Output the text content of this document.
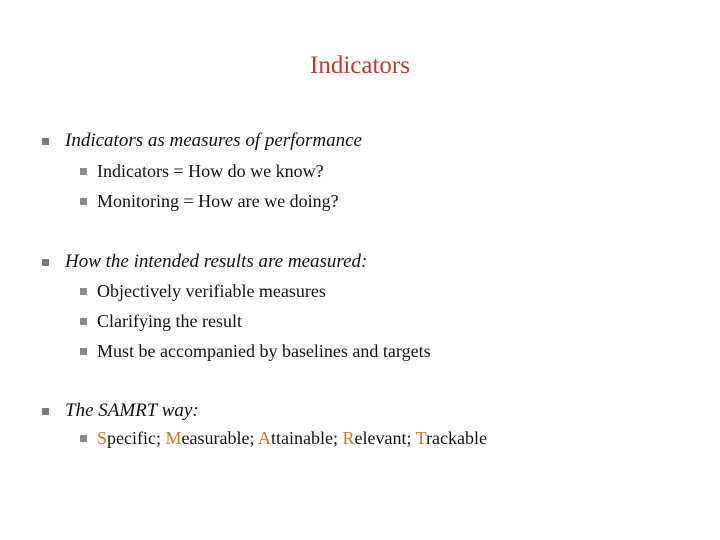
Indicators
Indicators as measures of performance
Indicators = How do we know?
Monitoring = How are we doing?
How the intended results are measured:
Objectively verifiable measures
Clarifying the result
Must be accompanied by baselines and targets
The SAMRT way:
Specific; Measurable; Attainable; Relevant; Trackable
